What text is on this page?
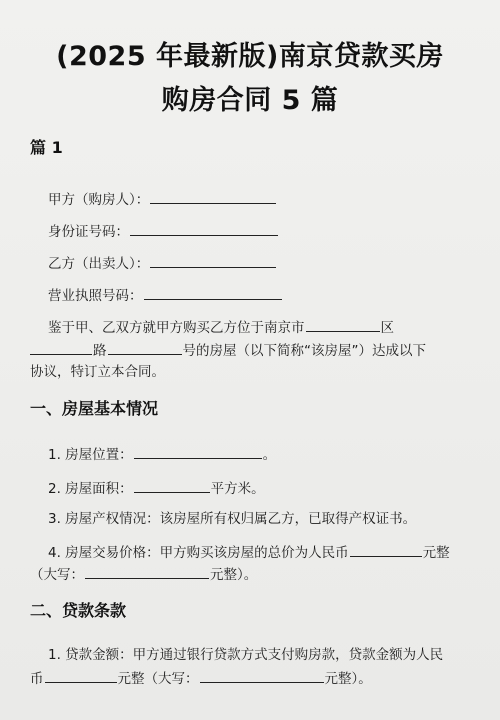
(2025 年最新版)南京贷款买房
购房合同 5 篇
篇 1
甲方（购房人）：
身份证号码：
乙方（出卖人）：
营业执照号码：
鉴于甲、乙双方就甲方购买乙方位于南京市	区
路	号的房屋（以下简称“该房屋”）达成以下
协议，特订立本合同。
一、房屋基本情况
1. 房屋位置：	。
2. 房屋面积：	平方米。
3. 房屋产权情况：该房屋所有权归属乙方，已取得产权证书。
4. 房屋交易价格：甲方购买该房屋的总价为人民币	元整
（大写：	元整）。
二、贷款条款
1. 贷款金额：甲方通过银行贷款方式支付购房款，贷款金额为人民
币	元整（大写：	元整）。
